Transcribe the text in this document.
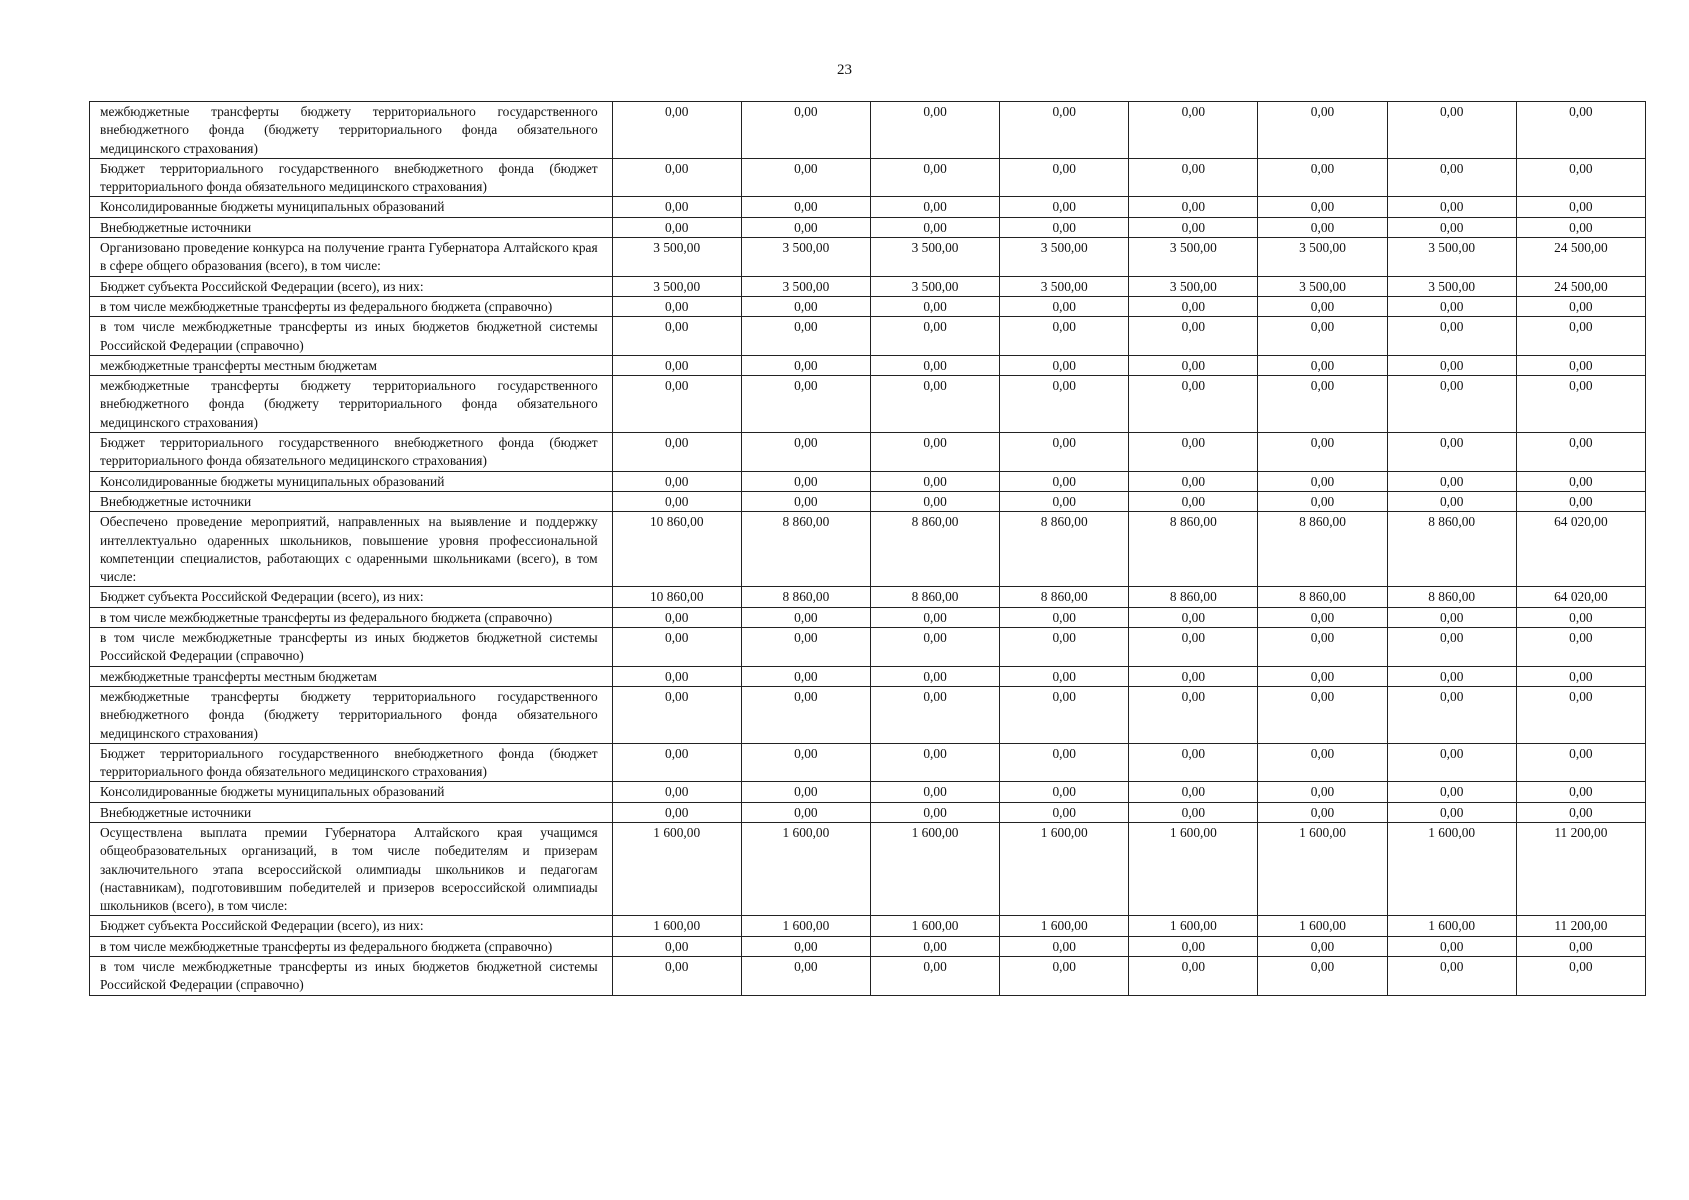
23
межбюджетные трансферты бюджету территориального государственного внебюджетного фонда (бюджету территориального фонда обязательного медицинского страхования)	0,00	0,00	0,00	0,00	0,00	0,00	0,00	0,00
Бюджет территориального государственного внебюджетного фонда (бюджет территориального фонда обязательного медицинского страхования)	0,00	0,00	0,00	0,00	0,00	0,00	0,00	0,00
Консолидированные бюджеты муниципальных образований	0,00	0,00	0,00	0,00	0,00	0,00	0,00	0,00
Внебюджетные источники	0,00	0,00	0,00	0,00	0,00	0,00	0,00	0,00
Организовано проведение конкурса на получение гранта Губернатора Алтайского края в сфере общего образования (всего), в том числе:	3 500,00	3 500,00	3 500,00	3 500,00	3 500,00	3 500,00	3 500,00	24 500,00
Бюджет субъекта Российской Федерации (всего), из них:	3 500,00	3 500,00	3 500,00	3 500,00	3 500,00	3 500,00	3 500,00	24 500,00
в том числе межбюджетные трансферты из федерального бюджета (справочно)	0,00	0,00	0,00	0,00	0,00	0,00	0,00	0,00
в том числе межбюджетные трансферты из иных бюджетов бюджетной системы Российской Федерации (справочно)	0,00	0,00	0,00	0,00	0,00	0,00	0,00	0,00
межбюджетные трансферты местным бюджетам	0,00	0,00	0,00	0,00	0,00	0,00	0,00	0,00
межбюджетные трансферты бюджету территориального государственного внебюджетного фонда (бюджету территориального фонда обязательного медицинского страхования)	0,00	0,00	0,00	0,00	0,00	0,00	0,00	0,00
Бюджет территориального государственного внебюджетного фонда (бюджет территориального фонда обязательного медицинского страхования)	0,00	0,00	0,00	0,00	0,00	0,00	0,00	0,00
Консолидированные бюджеты муниципальных образований	0,00	0,00	0,00	0,00	0,00	0,00	0,00	0,00
Внебюджетные источники	0,00	0,00	0,00	0,00	0,00	0,00	0,00	0,00
Обеспечено проведение мероприятий, направленных на выявление и поддержку интеллектуально одаренных школьников, повышение уровня профессиональной компетенции специалистов, работающих с одаренными школьниками (всего), в том числе:	10 860,00	8 860,00	8 860,00	8 860,00	8 860,00	8 860,00	8 860,00	64 020,00
Бюджет субъекта Российской Федерации (всего), из них:	10 860,00	8 860,00	8 860,00	8 860,00	8 860,00	8 860,00	8 860,00	64 020,00
в том числе межбюджетные трансферты из федерального бюджета (справочно)	0,00	0,00	0,00	0,00	0,00	0,00	0,00	0,00
в том числе межбюджетные трансферты из иных бюджетов бюджетной системы Российской Федерации (справочно)	0,00	0,00	0,00	0,00	0,00	0,00	0,00	0,00
межбюджетные трансферты местным бюджетам	0,00	0,00	0,00	0,00	0,00	0,00	0,00	0,00
межбюджетные трансферты бюджету территориального государственного внебюджетного фонда (бюджету территориального фонда обязательного медицинского страхования)	0,00	0,00	0,00	0,00	0,00	0,00	0,00	0,00
Бюджет территориального государственного внебюджетного фонда (бюджет территориального фонда обязательного медицинского страхования)	0,00	0,00	0,00	0,00	0,00	0,00	0,00	0,00
Консолидированные бюджеты муниципальных образований	0,00	0,00	0,00	0,00	0,00	0,00	0,00	0,00
Внебюджетные источники	0,00	0,00	0,00	0,00	0,00	0,00	0,00	0,00
Осуществлена выплата премии Губернатора Алтайского края учащимся общеобразовательных организаций, в том числе победителям и призерам заключительного этапа всероссийской олимпиады школьников и педагогам (наставникам), подготовившим победителей и призеров всероссийской олимпиады школьников (всего), в том числе:	1 600,00	1 600,00	1 600,00	1 600,00	1 600,00	1 600,00	1 600,00	11 200,00
Бюджет субъекта Российской Федерации (всего), из них:	1 600,00	1 600,00	1 600,00	1 600,00	1 600,00	1 600,00	1 600,00	11 200,00
в том числе межбюджетные трансферты из федерального бюджета (справочно)	0,00	0,00	0,00	0,00	0,00	0,00	0,00	0,00
в том числе межбюджетные трансферты из иных бюджетов бюджетной системы Российской Федерации (справочно)	0,00	0,00	0,00	0,00	0,00	0,00	0,00	0,00
